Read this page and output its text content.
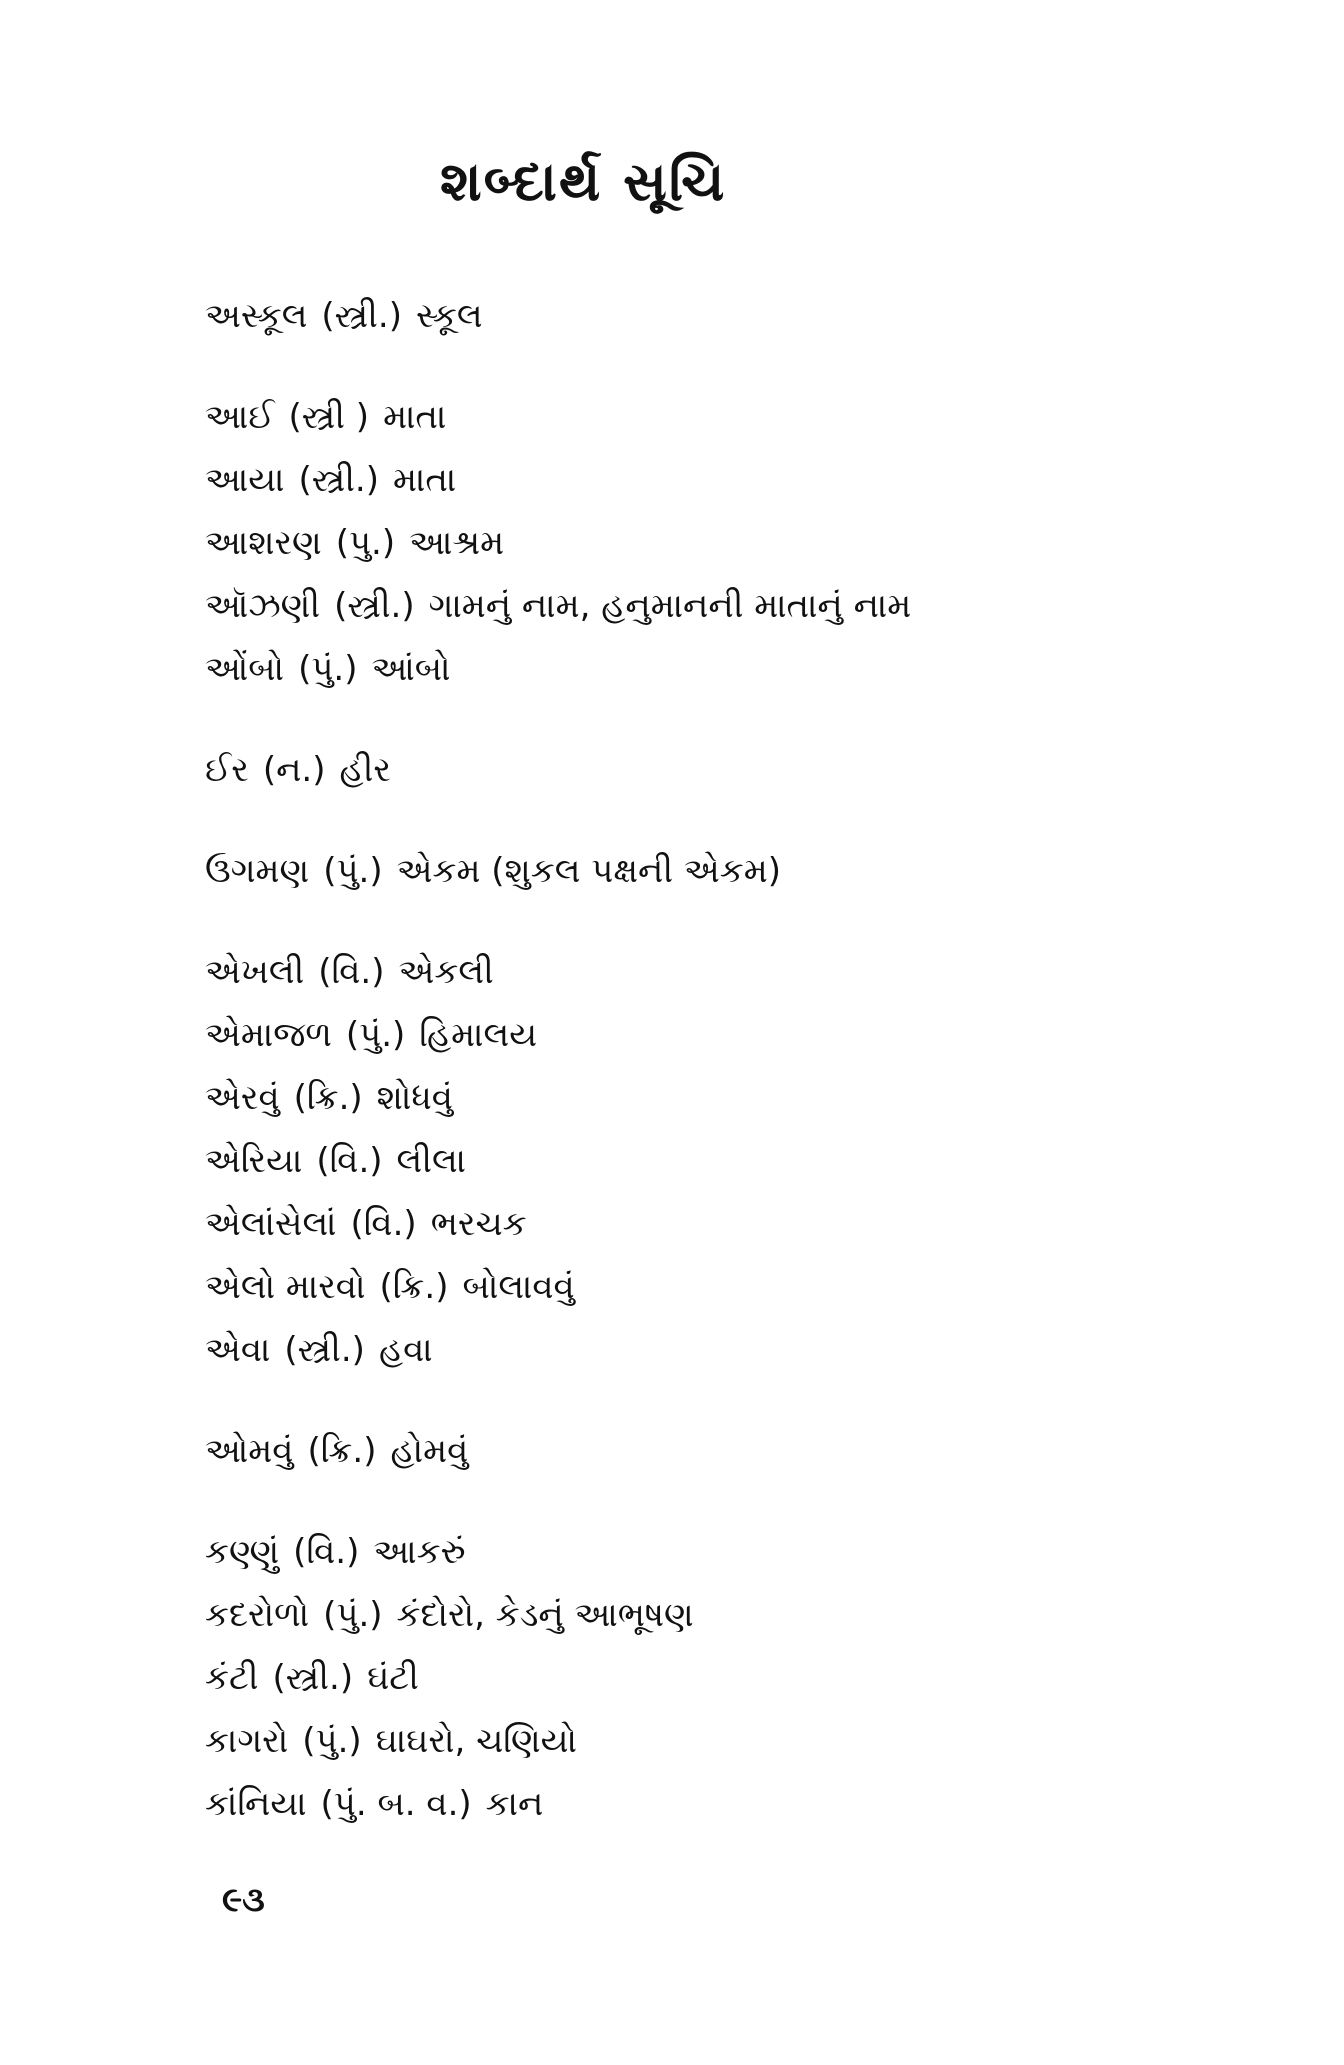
શબ્દાર્થ સૂચિ
અસ્કૂલ (સ્ત્રી.) સ્કૂલ
આઈ (સ્ત્રી ) માતા
આયા (સ્ત્રી.) માતા
આશરણ (પુ.) આશ્રમ
ઑઝણી (સ્ત્રી.) ગામનું નામ, હનુમાનની માતાનું નામ
ઓંબો (પું.) આંબો
ઈર (ન.) હીર
ઉગમણ (પું.) એકમ (શુકલ પક્ષની એકમ)
એખલી (વિ.) એકલી
એમાજળ (પું.) હિમાલય
એરવું (ક્રિ.) શોધવું
એરિયા (વિ.) લીલા
એલાંસેલાં (વિ.) ભરચક
એલો મારવો (ક્રિ.) બોલાવવું
એવા (સ્ત્રી.) હવા
ઓમવું (ક્રિ.) હોમવું
કણ્ણું (વિ.) આકરું
કદરોળો (પું.) કંદોરો, કેડનું આભૂષણ
કંટી (સ્ત્રી.) ઘંટી
કાગરો (પું.) ઘાઘરો, ચણિયો
કાંનિયા (પું. બ. વ.) કાન
૯૩
